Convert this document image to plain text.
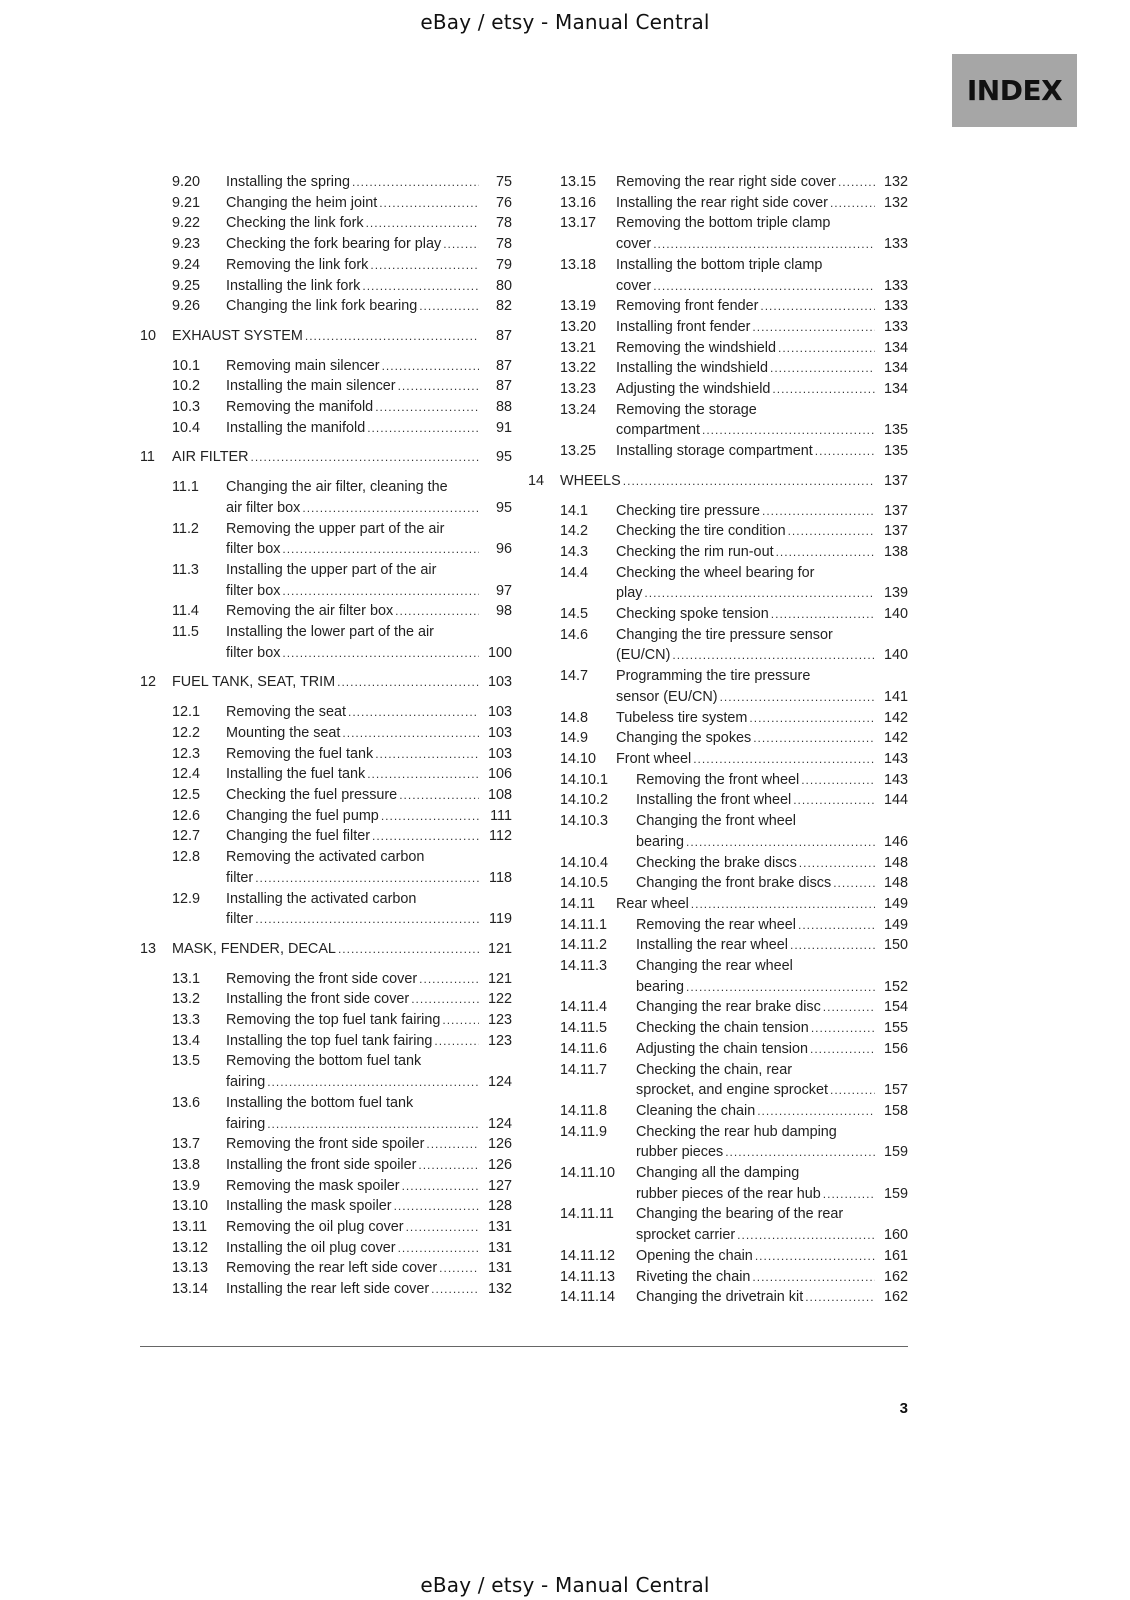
eBay / etsy - Manual Central
INDEX
9.20 Installing the spring .....	75
9.21 Changing the heim joint .....	76
9.22 Checking the link fork .....	78
9.23 Checking the fork bearing for play .....	78
9.24 Removing the link fork .....	79
9.25 Installing the link fork .....	80
9.26 Changing the link fork bearing .....	82
10 EXHAUST SYSTEM .....	87
10.1 Removing main silencer .....	87
10.2 Installing the main silencer .....	87
10.3 Removing the manifold .....	88
10.4 Installing the manifold .....	91
11 AIR FILTER .....	95
11.1 Changing the air filter, cleaning the
air filter box .....	95
11.2 Removing the upper part of the air
filter box .....	96
11.3 Installing the upper part of the air
filter box .....	97
11.4 Removing the air filter box .....	98
11.5 Installing the lower part of the air
filter box .....	100
12 FUEL TANK, SEAT, TRIM .....	103
12.1 Removing the seat .....	103
12.2 Mounting the seat .....	103
12.3 Removing the fuel tank .....	103
12.4 Installing the fuel tank .....	106
12.5 Checking the fuel pressure .....	108
12.6 Changing the fuel pump .....	111
12.7 Changing the fuel filter .....	112
12.8 Removing the activated carbon
filter .....	118
12.9 Installing the activated carbon
filter .....	119
13 MASK, FENDER, DECAL .....	121
13.1 Removing the front side cover .....	121
13.2 Installing the front side cover .....	122
13.3 Removing the top fuel tank fairing .....	123
13.4 Installing the top fuel tank fairing .....	123
13.5 Removing the bottom fuel tank
fairing .....	124
13.6 Installing the bottom fuel tank
fairing .....	124
13.7 Removing the front side spoiler .....	126
13.8 Installing the front side spoiler .....	126
13.9 Removing the mask spoiler .....	127
13.10 Installing the mask spoiler .....	128
13.11 Removing the oil plug cover .....	131
13.12 Installing the oil plug cover .....	131
13.13 Removing the rear left side cover .....	131
13.14 Installing the rear left side cover .....	132
13.15 Removing the rear right side cover .....	132
13.16 Installing the rear right side cover .....	132
13.17 Removing the bottom triple clamp
cover .....	133
13.18 Installing the bottom triple clamp
cover .....	133
13.19 Removing front fender .....	133
13.20 Installing front fender .....	133
13.21 Removing the windshield .....	134
13.22 Installing the windshield .....	134
13.23 Adjusting the windshield .....	134
13.24 Removing the storage
compartment .....	135
13.25 Installing storage compartment .....	135
14 WHEELS .....	137
14.1 Checking tire pressure .....	137
14.2 Checking the tire condition .....	137
14.3 Checking the rim run-out .....	138
14.4 Checking the wheel bearing for
play .....	139
14.5 Checking spoke tension .....	140
14.6 Changing the tire pressure sensor
(EU/CN) .....	140
14.7 Programming the tire pressure
sensor (EU/CN) .....	141
14.8 Tubeless tire system .....	142
14.9 Changing the spokes .....	142
14.10 Front wheel .....	143
14.10.1 Removing the front wheel .....	143
14.10.2 Installing the front wheel .....	144
14.10.3 Changing the front wheel
bearing .....	146
14.10.4 Checking the brake discs .....	148
14.10.5 Changing the front brake discs .....	148
14.11 Rear wheel .....	149
14.11.1 Removing the rear wheel .....	149
14.11.2 Installing the rear wheel .....	150
14.11.3 Changing the rear wheel
bearing .....	152
14.11.4 Changing the rear brake disc .....	154
14.11.5 Checking the chain tension .....	155
14.11.6 Adjusting the chain tension .....	156
14.11.7 Checking the chain, rear
sprocket, and engine sprocket .....	157
14.11.8 Cleaning the chain .....	158
14.11.9 Checking the rear hub damping
rubber pieces .....	159
14.11.10 Changing all the damping
rubber pieces of the rear hub .....	159
14.11.11 Changing the bearing of the rear
sprocket carrier .....	160
14.11.12 Opening the chain .....	161
14.11.13 Riveting the chain .....	162
14.11.14 Changing the drivetrain kit .....	162
3
eBay / etsy - Manual Central
